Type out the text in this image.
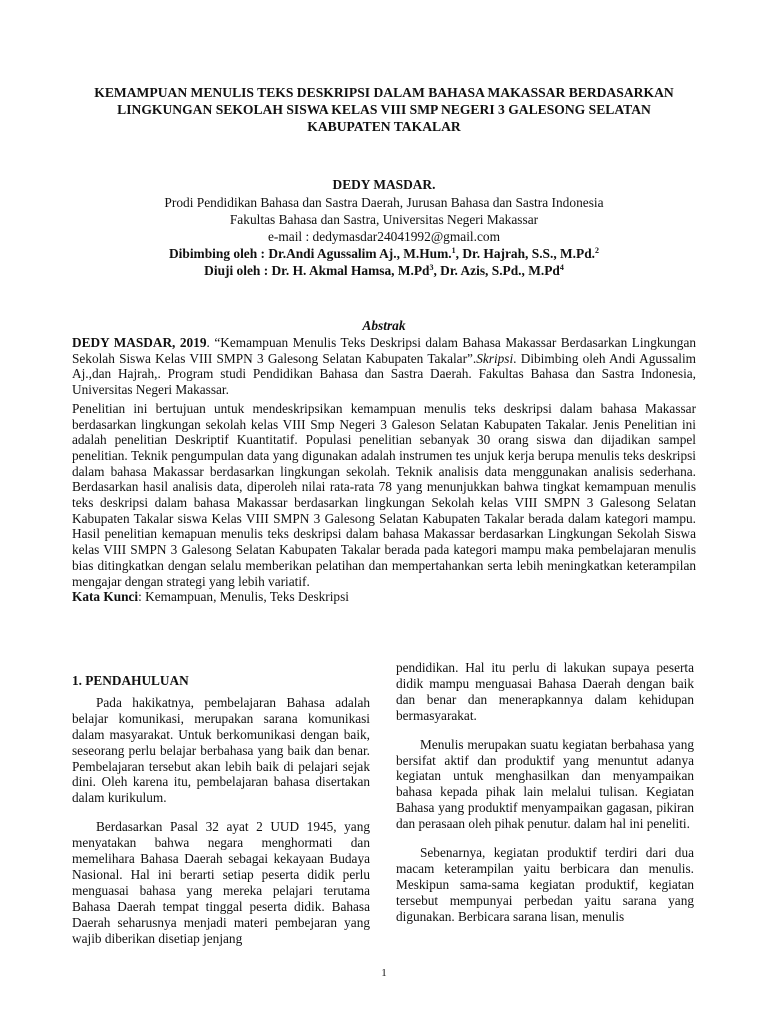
KEMAMPUAN MENULIS TEKS DESKRIPSI DALAM BAHASA MAKASSAR BERDASARKAN
LINGKUNGAN SEKOLAH SISWA KELAS VIII SMP NEGERI 3 GALESONG SELATAN
KABUPATEN TAKALAR
DEDY MASDAR.
Prodi Pendidikan Bahasa dan Sastra Daerah, Jurusan Bahasa dan Sastra Indonesia
Fakultas Bahasa dan Sastra, Universitas Negeri Makassar
e-mail : dedymasdar24041992@gmail.com
Dibimbing oleh : Dr.Andi Agussalim Aj., M.Hum.$^1$, Dr. Hajrah, S.S., M.Pd.$^2$
Diuji oleh : Dr. H. Akmal Hamsa, M.Pd$^3$, Dr. Azis, S.Pd., M.Pd$^4$
Abstrak

DEDY MASDAR, 2019. “Kemampuan Menulis Teks Deskripsi dalam Bahasa Makassar Berdasarkan Lingkungan Sekolah Siswa Kelas VIII SMPN 3 Galesong Selatan Kabupaten Takalar”.Skripsi. Dibimbing oleh Andi Agussalim Aj.,dan Hajrah,. Program studi Pendidikan Bahasa dan Sastra Daerah. Fakultas Bahasa dan Sastra Indonesia, Universitas Negeri Makassar.

Penelitian ini bertujuan untuk mendeskripsikan kemampuan menulis teks deskripsi dalam bahasa Makassar berdasarkan lingkungan sekolah kelas VIII Smp Negeri 3 Galeson Selatan Kabupaten Takalar. Jenis Penelitian ini adalah penelitian Deskriptif Kuantitatif. Populasi penelitian sebanyak 30 orang siswa dan dijadikan sampel penelitian. Teknik pengumpulan data yang digunakan adalah instrumen tes unjuk kerja berupa menulis teks deskripsi dalam bahasa Makassar berdasarkan lingkungan sekolah. Teknik analisis data menggunakan analisis sederhana. Berdasarkan hasil analisis data, diperoleh nilai rata-rata 78 yang menunjukkan bahwa tingkat kemampuan menulis teks deskripsi dalam bahasa Makassar berdasarkan lingkungan Sekolah kelas VIII SMPN 3 Galesong Selatan Kabupaten Takalar siswa Kelas VIII SMPN 3 Galesong Selatan Kabupaten Takalar berada dalam kategori mampu. Hasil penelitian kemapuan menulis teks deskripsi dalam bahasa Makassar berdasarkan Lingkungan Sekolah Siswa kelas VIII SMPN 3 Galesong Selatan Kabupaten Takalar berada pada kategori mampu maka pembelajaran menulis bias ditingkatkan dengan selalu memberikan pelatihan dan mempertahankan serta lebih meningkatkan keterampilan mengajar dengan strategi yang lebih variatif.

Kata Kunci: Kemampuan, Menulis, Teks Deskripsi

1. PENDAHULUAN

Pada hakikatnya, pembelajaran Bahasa adalah belajar komunikasi, merupakan sarana komunikasi dalam masyarakat. Untuk berkomunikasi dengan baik, seseorang perlu belajar berbahasa yang baik dan benar. Pembelajaran tersebut akan lebih baik di pelajari sejak dini. Oleh karena itu, pembelajaran bahasa disertakan dalam kurikulum.

Berdasarkan Pasal 32 ayat 2 UUD 1945, yang menyatakan bahwa negara menghormati dan memelihara Bahasa Daerah sebagai kekayaan Budaya Nasional. Hal ini berarti setiap peserta didik perlu menguasai bahasa yang mereka pelajari terutama Bahasa Daerah tempat tinggal peserta didik. Bahasa Daerah seharusnya menjadi materi pembejaran yang wajib diberikan disetiap jenjang

pendidikan. Hal itu perlu di lakukan supaya peserta didik mampu menguasai Bahasa Daerah dengan baik dan benar dan menerapkannya dalam kehidupan bermasyarakat.

Menulis merupakan suatu kegiatan berbahasa yang bersifat aktif dan produktif yang menuntut adanya kegiatan untuk menghasilkan dan menyampaikan bahasa kepada pihak lain melalui tulisan. Kegiatan Bahasa yang produktif menyampaikan gagasan, pikiran dan perasaan oleh pihak penutur. dalam hal ini peneliti.

Sebenarnya, kegiatan produktif terdiri dari dua macam keterampilan yaitu berbicara dan menulis. Meskipun sama-sama kegiatan produktif, kegiatan tersebut mempunyai perbedan yaitu sarana yang digunakan. Berbicara sarana lisan, menulis

1
